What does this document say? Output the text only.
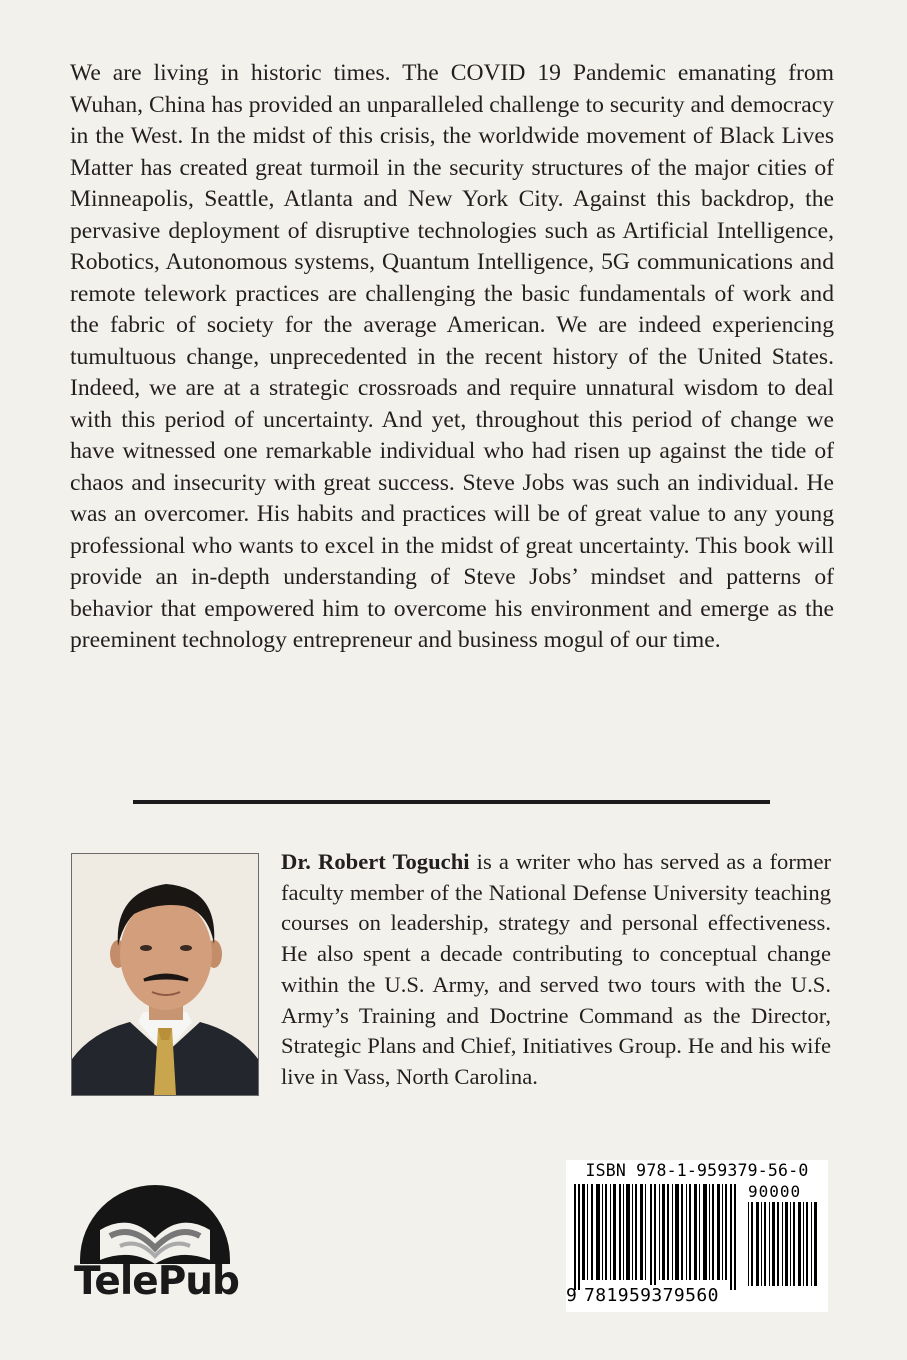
We are living in historic times. The COVID 19 Pandemic emanating from Wuhan, China has provided an unparalleled challenge to security and democracy in the West. In the midst of this crisis, the worldwide movement of Black Lives Matter has created great turmoil in the security structures of the major cities of Minneapolis, Seattle, Atlanta and New York City. Against this backdrop, the pervasive deployment of disruptive technologies such as Artificial Intelligence, Robotics, Autonomous systems, Quantum Intelligence, 5G communications and remote telework practices are challenging the basic fundamentals of work and the fabric of society for the average American. We are indeed experiencing tumultuous change, unprecedented in the recent history of the United States. Indeed, we are at a strategic crossroads and require unnatural wisdom to deal with this period of uncertainty. And yet, throughout this period of change we have witnessed one remarkable individual who had risen up against the tide of chaos and insecurity with great success. Steve Jobs was such an individual. He was an overcomer. His habits and practices will be of great value to any young professional who wants to excel in the midst of great uncertainty. This book will provide an in-depth understanding of Steve Jobs’ mindset and patterns of behavior that empowered him to overcome his environment and emerge as the preeminent technology entrepreneur and business mogul of our time.

Dr. Robert Toguchi is a writer who has served as a former faculty member of the National Defense University teaching courses on leadership, strategy and personal effectiveness. He also spent a decade contributing to conceptual change within the U.S. Army, and served two tours with the U.S. Army’s Training and Doctrine Command as the Director, Strategic Plans and Chief, Initiatives Group. He and his wife live in Vass, North Carolina.

TelePub
ISBN 978-1-959379-56-0
90000
9 781959379560
